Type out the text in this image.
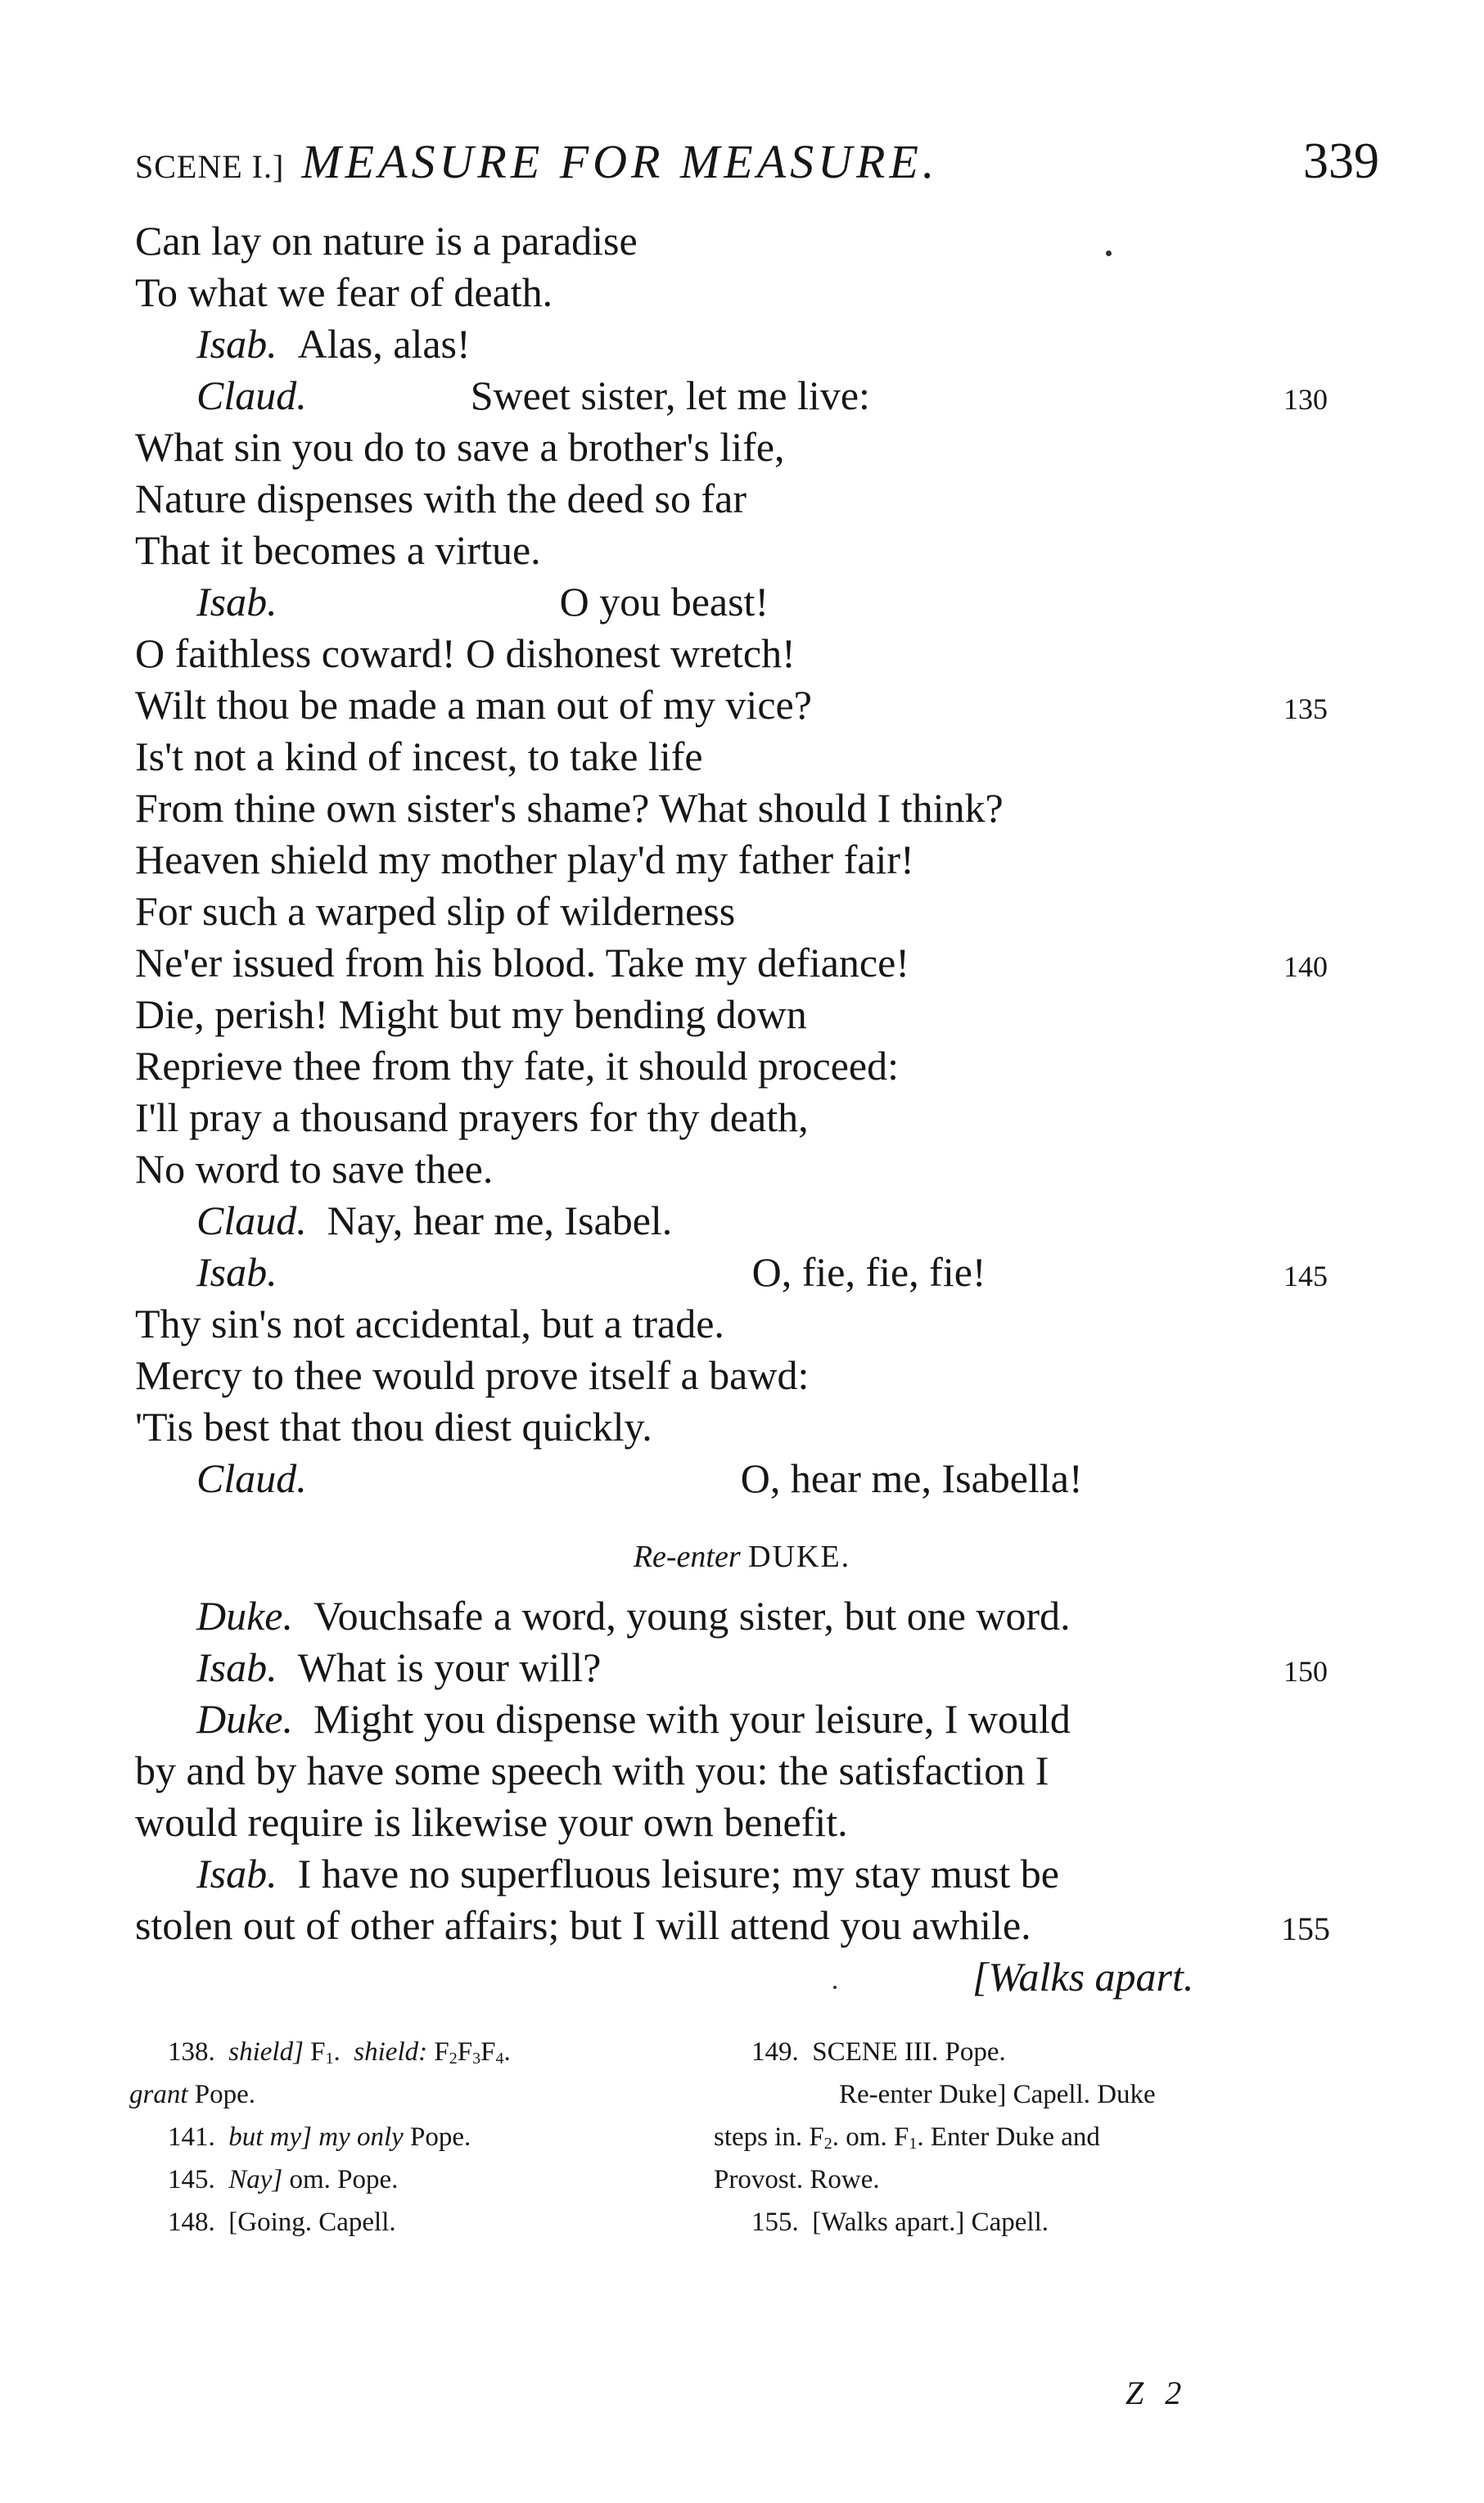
SCENE I.] MEASURE FOR MEASURE.	339
Can lay on nature is a paradise
To what we fear of death.
Isab. Alas, alas!
Claud.	Sweet sister, let me live:	130
What sin you do to save a brother's life,
Nature dispenses with the deed so far
That it becomes a virtue.
Isab.	O you beast!
O faithless coward! O dishonest wretch!
Wilt thou be made a man out of my vice?	135
Is't not a kind of incest, to take life
From thine own sister's shame? What should I think?
Heaven shield my mother play'd my father fair!
For such a warped slip of wilderness
Ne'er issued from his blood. Take my defiance!	140
Die, perish! Might but my bending down
Reprieve thee from thy fate, it should proceed:
I'll pray a thousand prayers for thy death,
No word to save thee.
Claud. Nay, hear me, Isabel.
Isab.	O, fie, fie, fie!	145
Thy sin's not accidental, but a trade.
Mercy to thee would prove itself a bawd:
'Tis best that thou diest quickly.
Claud.	O, hear me, Isabella!
Re-enter DUKE.
Duke. Vouchsafe a word, young sister, but one word.
Isab. What is your will?	150
Duke. Might you dispense with your leisure, I would
by and by have some speech with you: the satisfaction I
would require is likewise your own benefit.
Isab. I have no superfluous leisure; my stay must be
stolen out of other affairs; but I will attend you awhile.	155
[Walks apart.
138. shield] $F_1$. shield: $F_2F_3F_4$.
grant Pope.
141. but my] my only Pope.
145. Nay] om. Pope.
148. [Going. Capell.
149. SCENE III. Pope.
Re-enter Duke] Capell. Duke
steps in. $F_2$. om. $F_1$. Enter Duke and
Provost. Rowe.
155. [Walks apart.] Capell.
Z 2
